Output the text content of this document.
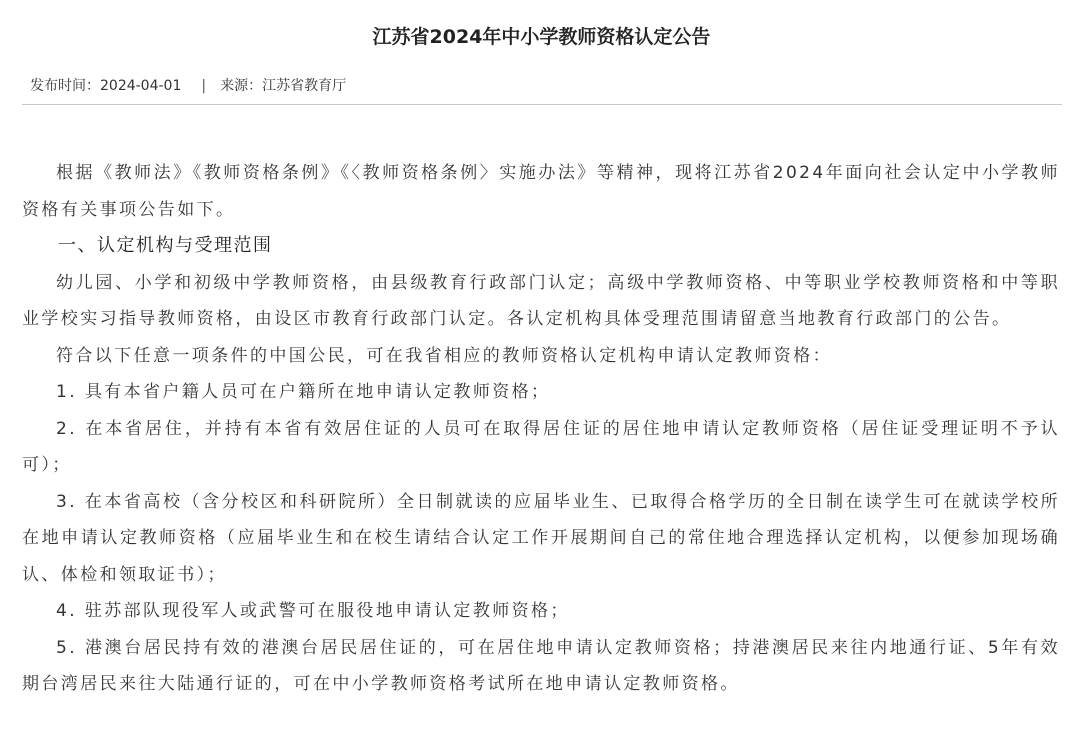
江苏省2024年中小学教师资格认定公告
发布时间：2024-04-01 | 来源：江苏省教育厅

根据《教师法》《教师资格条例》《〈教师资格条例〉实施办法》等精神，现将江苏省2024年面向社会认定中小学教师资格有关事项公告如下。

一、认定机构与受理范围

幼儿园、小学和初级中学教师资格，由县级教育行政部门认定；高级中学教师资格、中等职业学校教师资格和中等职业学校实习指导教师资格，由设区市教育行政部门认定。各认定机构具体受理范围请留意当地教育行政部门的公告。

符合以下任意一项条件的中国公民，可在我省相应的教师资格认定机构申请认定教师资格：

1. 具有本省户籍人员可在户籍所在地申请认定教师资格；

2. 在本省居住，并持有本省有效居住证的人员可在取得居住证的居住地申请认定教师资格（居住证受理证明不予认可）；

3. 在本省高校（含分校区和科研院所）全日制就读的应届毕业生、已取得合格学历的全日制在读学生可在就读学校所在地申请认定教师资格（应届毕业生和在校生请结合认定工作开展期间自己的常住地合理选择认定机构，以便参加现场确认、体检和领取证书）；

4. 驻苏部队现役军人或武警可在服役地申请认定教师资格；

5. 港澳台居民持有效的港澳台居民居住证的，可在居住地申请认定教师资格；持港澳居民来往内地通行证、5年有效期台湾居民来往大陆通行证的，可在中小学教师资格考试所在地申请认定教师资格。
